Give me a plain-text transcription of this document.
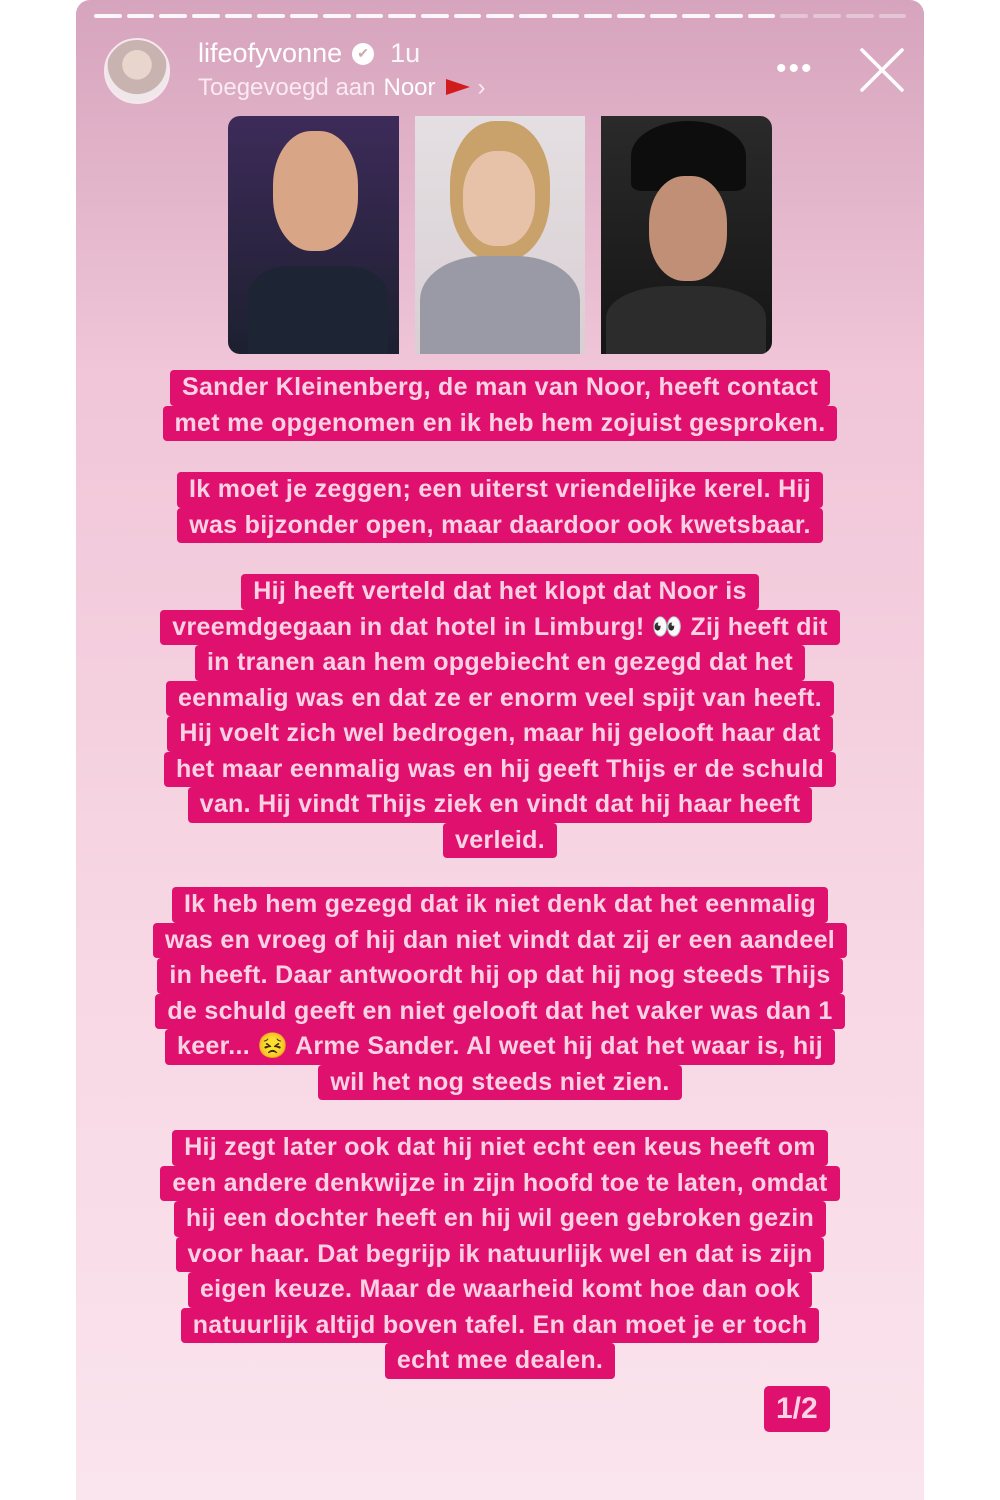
lifeofyvonne	✔ 1u
Toegevoegd aan Noor ›
•••
Sander Kleinenberg, de man van Noor, heeft contact
met me opgenomen en ik heb hem zojuist gesproken.
Ik moet je zeggen; een uiterst vriendelijke kerel. Hij
was bijzonder open, maar daardoor ook kwetsbaar.
Hij heeft verteld dat het klopt dat Noor is
vreemdgegaan in dat hotel in Limburg! 👀 Zij heeft dit
in tranen aan hem opgebiecht en gezegd dat het
eenmalig was en dat ze er enorm veel spijt van heeft.
Hij voelt zich wel bedrogen, maar hij gelooft haar dat
het maar eenmalig was en hij geeft Thijs er de schuld
van. Hij vindt Thijs ziek en vindt dat hij haar heeft
verleid.
Ik heb hem gezegd dat ik niet denk dat het eenmalig
was en vroeg of hij dan niet vindt dat zij er een aandeel
in heeft. Daar antwoordt hij op dat hij nog steeds Thijs
de schuld geeft en niet gelooft dat het vaker was dan 1
keer... 😣 Arme Sander. Al weet hij dat het waar is, hij
wil het nog steeds niet zien.
Hij zegt later ook dat hij niet echt een keus heeft om
een andere denkwijze in zijn hoofd toe te laten, omdat
hij een dochter heeft en hij wil geen gebroken gezin
voor haar. Dat begrijp ik natuurlijk wel en dat is zijn
eigen keuze. Maar de waarheid komt hoe dan ook
natuurlijk altijd boven tafel. En dan moet je er toch
echt mee dealen.
1/2
